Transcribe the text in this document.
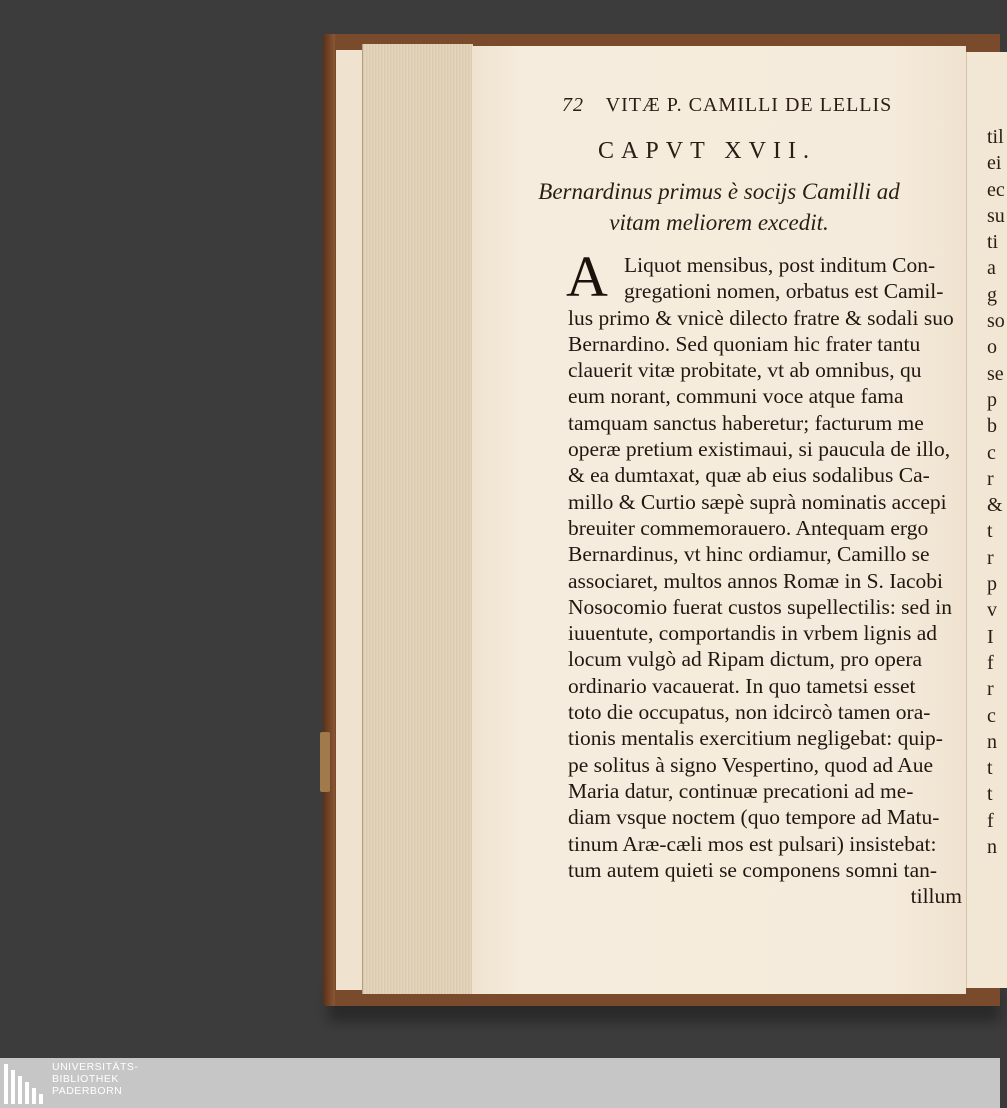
72 VITÆ P. CAMILLI DE LELLIS
CAPVT XVII.
Bernardinus primus è socijs Camilli ad
vitam meliorem excedit.
A Liquot mensibus, post inditum Con-
gregationi nomen, orbatus est Camil-
lus primo & vnicè dilecto fratre & sodali suo
Bernardino. Sed quoniam hic frater tantu
clauerit vitæ probitate, vt ab omnibus, qu
eum norant, communi voce atque fama
tamquam sanctus haberetur; facturum me
operæ pretium existimaui, si paucula de illo,
& ea dumtaxat, quæ ab eius sodalibus Ca-
millo & Curtio sæpè suprà nominatis accepi
breuiter commemorauero. Antequam ergo
Bernardinus, vt hinc ordiamur, Camillo se
associaret, multos annos Romæ in S. Iacobi
Nosocomio fuerat custos supellectilis: sed in
iuuentute, comportandis in vrbem lignis ad
locum vulgò ad Ripam dictum, pro opera
ordinario vacauerat. In quo tametsi esset
toto die occupatus, non idcircò tamen ora-
tionis mentalis exercitium negligebat: quip-
pe solitus à signo Vespertino, quod ad Aue
Maria datur, continuæ precationi ad me-
diam vsque noctem (quo tempore ad Matu-
tinum Aræ-cæli mos est pulsari) insistebat:
tum autem quieti se componens somni tan-
tillum
til
ei
ec
su
ti
a
g
so
o
se
p
b
c
r
&
t
r
p
v
I
f
r
c
n
t
t
f
n
UNIVERSITÄTS-
BIBLIOTHEK
PADERBORN
